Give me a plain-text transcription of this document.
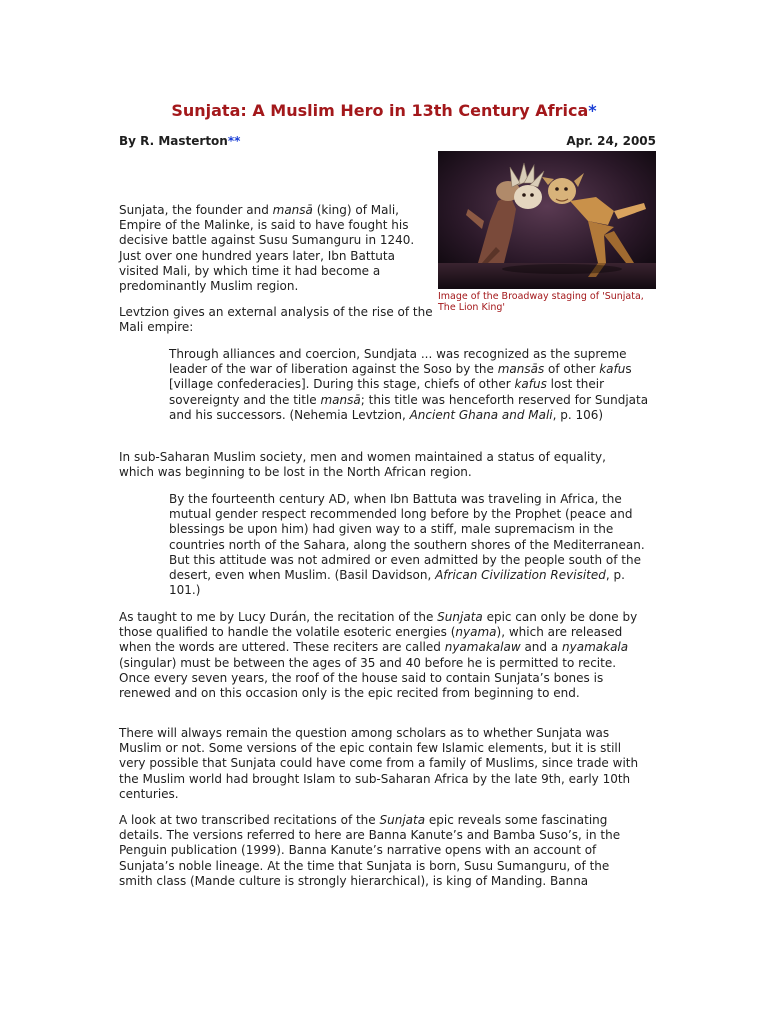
Sunjata: A Muslim Hero in 13th Century Africa*
By R. Masterton**	Apr. 24, 2005
Image of the Broadway staging of 'Sunjata, The Lion King'

Sunjata, the founder and mansā (king) of Mali, Empire of the Malinke, is said to have fought his decisive battle against Susu Sumanguru in 1240. Just over one hundred years later, Ibn Battuta visited Mali, by which time it had become a predominantly Muslim region.

Levtzion gives an external analysis of the rise of the Mali empire:

Through alliances and coercion, Sundjata ... was recognized as the supreme leader of the war of liberation against the Soso by the mansās of other kafus [village confederacies]. During this stage, chiefs of other kafus lost their sovereignty and the title mansā; this title was henceforth reserved for Sundjata and his successors. (Nehemia Levtzion, Ancient Ghana and Mali, p. 106)

In sub-Saharan Muslim society, men and women maintained a status of equality, which was beginning to be lost in the North African region.

By the fourteenth century AD, when Ibn Battuta was traveling in Africa, the mutual gender respect recommended long before by the Prophet (peace and blessings be upon him) had given way to a stiff, male supremacism in the countries north of the Sahara, along the southern shores of the Mediterranean. But this attitude was not admired or even admitted by the people south of the desert, even when Muslim. (Basil Davidson, African Civilization Revisited, p. 101.)

As taught to me by Lucy Durán, the recitation of the Sunjata epic can only be done by those qualified to handle the volatile esoteric energies (nyama), which are released when the words are uttered. These reciters are called nyamakalaw and a nyamakala (singular) must be between the ages of 35 and 40 before he is permitted to recite. Once every seven years, the roof of the house said to contain Sunjata’s bones is renewed and on this occasion only is the epic recited from beginning to end.

There will always remain the question among scholars as to whether Sunjata was Muslim or not. Some versions of the epic contain few Islamic elements, but it is still very possible that Sunjata could have come from a family of Muslims, since trade with the Muslim world had brought Islam to sub-Saharan Africa by the late 9th, early 10th centuries.

A look at two transcribed recitations of the Sunjata epic reveals some fascinating details. The versions referred to here are Banna Kanute’s and Bamba Suso’s, in the Penguin publication (1999). Banna Kanute’s narrative opens with an account of Sunjata’s noble lineage. At the time that Sunjata is born, Susu Sumanguru, of the smith class (Mande culture is strongly hierarchical), is king of Manding. Banna
